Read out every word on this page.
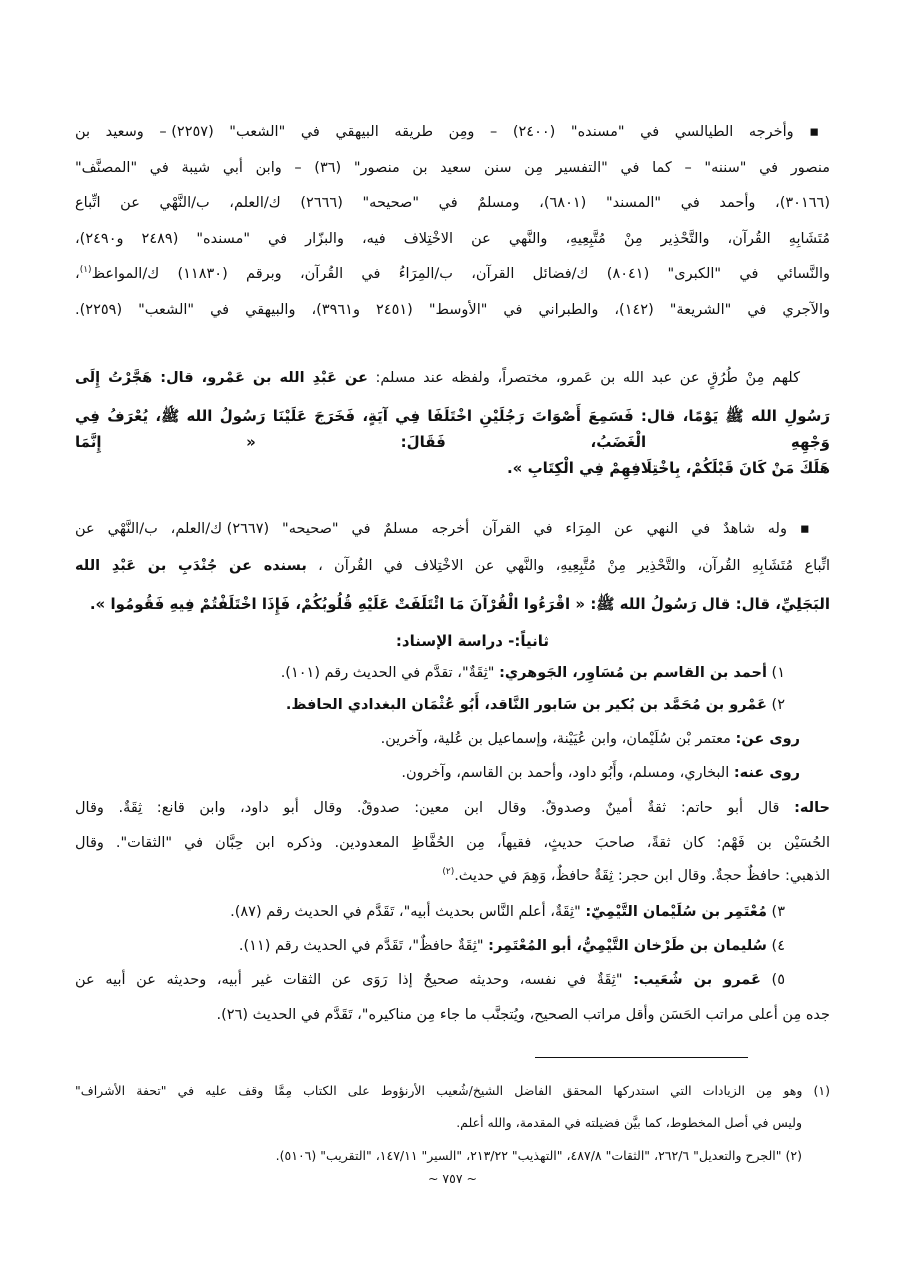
▪ وأخرجه الطيالسي في "مسنده" (٢٤٠٠) – ومِن طريقه البيهقي في "الشعب" (٢٢٥٧) – وسعيد بن
منصور في "سننه" – كما في "التفسير مِن سنن سعيد بن منصور" (٣٦) – وابن أبي شيبة في "المصنَّف"
(٣٠١٦٦)، وأحمد في "المسند" (٦٨٠١)، ومسلمٌ في "صحيحه" (٢٦٦٦) ك/العلم، ب/النَّهْي عن اتِّباع
مُتَشَابِهِ القُرآن، والتَّحْذِير مِنْ مُتَّبِعِيهِ، والنَّهي عن الاخْتِلاف فيه، والبزّار في "مسنده" (٢٤٨٩ و٢٤٩٠)،
والنَّسائي في "الكبرى" (٨٠٤١) ك/فضائل القرآن، ب/المِرَاءُ في القُرآن، وبرقم (١١٨٣٠) ك/المواعظ$^{(١)}$،
والآجري في "الشريعة" (١٤٢)، والطبراني في "الأوسط" (٢٤٥١ و٣٩٦١)، والبيهقي في "الشعب" (٢٢٥٩).
كلهم مِنْ طُرُقٍ عن عبد الله بن عَمرو، مختصراً، ولفظه عند مسلم: عن عَبْدِ الله بن عَمْرو، قال: هَجَّرْتُ إِلَى
رَسُولِ الله ﷺ يَوْمًا، قال: فَسَمِعَ أَصْوَاتَ رَجُلَيْنِ اخْتَلَفَا فِي آيَةٍ، فَخَرَجَ عَلَيْنَا رَسُولُ الله ﷺ، يُعْرَفُ فِي وَجْهِهِ الْغَضَبُ، فَقَالَ: « إِنَّمَا
هَلَكَ مَنْ كَانَ قَبْلَكُمْ، بِاخْتِلَافِهِمْ فِي الْكِتَابِ ».
▪ وله شاهدٌ في النهي عن المِرَاء في القرآن أخرجه مسلمٌ في "صحيحه" (٢٦٦٧) ك/العلم، ب/النَّهْي عن
اتِّباع مُتَشَابِهِ القُرآن، والتَّحْذِير مِنْ مُتَّبِعِيهِ، والنَّهي عن الاخْتِلاف في القُرآن ، بسنده عن جُنْدَبِ بن عَبْدِ الله
البَجَلِيِّ، قال: قال رَسُولُ الله ﷺ: « اقْرَءُوا الْقُرْآنَ مَا ائْتَلَفَتْ عَلَيْهِ قُلُوبُكُمْ، فَإِذَا اخْتَلَفْتُمْ فِيهِ فَقُومُوا ».
ثانياً:- دراسة الإسناد:
١) أحمد بن القاسم بن مُسَاوِر، الجَوهري: "ثِقَةٌ"، تقدَّم في الحديث رقم (١٠١).
٢) عَمْرو بن مُحَمَّد بن بُكير بن سَابور النَّاقد، أَبُو عُثْمَان البغدادي الحافظ.
روى عن: معتمر بْن سُلَيْمان، وابن عُيَيْنة، وإسماعيل بن عُلية، وآخرين.
روى عنه: البخاري، ومسلم، وأَبُو داود، وأحمد بن القاسم، وآخرون.
حاله: قال أبو حاتم: ثقةٌ أمينٌ وصدوقٌ. وقال ابن معين: صدوقٌ. وقال أبو داود، وابن قانع: ثِقَةٌ. وقال
الحُسَيْن بن فَهْم: كان ثقةً، صاحبَ حديثٍ، فقيهاً، مِن الحُفَّاظِ المعدودين. وذكره ابن حِبَّان في "الثقات". وقال
الذهبي: حافظٌ حجةٌ. وقال ابن حجر: ثِقَةٌ حافظٌ، وَهِمَ في حديث.$^{(٢)}$
٣) مُعْتَمِر بن سُلَيْمان التَّيْمِيّ: "ثِقَةٌ، أعلم النَّاس بحديث أبيه"، تَقَدَّم في الحديث رقم (٨٧).
٤) سُليمان بن طَرْخان التَّيْمِيُّ، أبو المُعْتَمِر: "ثِقَةٌ حافظٌ"، تَقَدَّم في الحديث رقم (١١).
٥) عَمرو بن شُعَيب: "ثِقَةٌ في نفسه، وحديثه صحيحٌ إذا رَوَى عن الثقات غير أبيه، وحديثه عن أبيه عن
جده مِن أعلى مراتب الحَسَن وأقل مراتب الصحيح، ويُتجنَّب ما جاء مِن مناكيره"، تَقَدَّم في الحديث (٢٦).
(١) وهو مِن الزيادات التي استدركها المحقق الفاضل الشيخ/شُعيب الأرنؤوط على الكتاب مِمَّا وقف عليه في "تحفة الأشراف"
وليس في أصل المخطوط، كما بيَّن فضيلته في المقدمة، والله أعلم.
(٢) "الجرح والتعديل" ٢٦٢/٦، "الثقات" ٤٨٧/٨، "التهذيب" ٢١٣/٢٢، "السير" ١٤٧/١١، "التقريب" (٥١٠٦).
~ ٧٥٧ ~
